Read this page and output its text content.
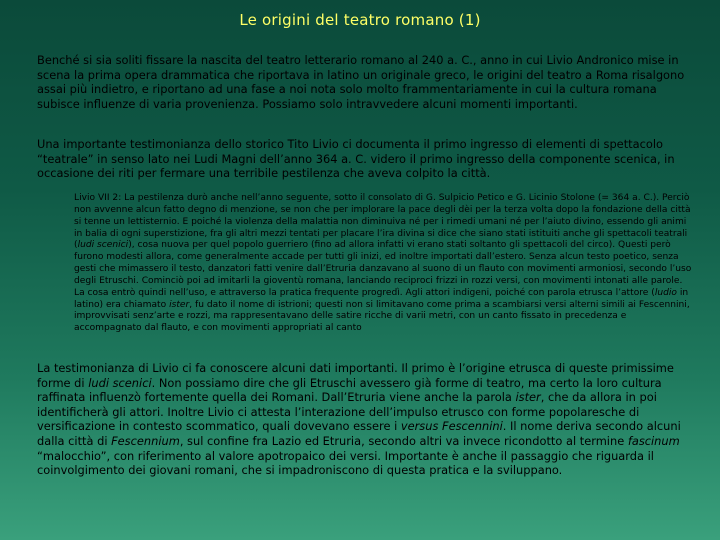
Le origini del teatro romano (1)

Benché si sia soliti fissare la nascita del teatro letterario romano al 240 a. C., anno in cui Livio Andronico mise in scena la prima opera drammatica che riportava in latino un originale greco, le origini del teatro a Roma risalgono assai più indietro, e riportano ad una fase a noi nota solo molto frammentariamente in cui la cultura romana subisce influenze di varia provenienza. Possiamo solo intravvedere alcuni momenti importanti.

Una importante testimonianza dello storico Tito Livio ci documenta il primo ingresso di elementi di spettacolo “teatrale” in senso lato nei Ludi Magni dell’anno 364 a. C. videro il primo ingresso della componente scenica, in occasione dei riti per fermare una terribile pestilenza che aveva colpito la città.

Livio VII 2: La pestilenza durò anche nell’anno seguente, sotto il consolato di G. Sulpicio Petico e G. Licinio Stolone (= 364 a. C.). Perciò non avvenne alcun fatto degno di menzione, se non che per implorare la pace degli dèi per la terza volta dopo la fondazione della città si tenne un lettisternio. E poiché la violenza della malattia non diminuiva né per i rimedi umani né per l’aiuto divino, essendo gli animi in balia di ogni superstizione, fra gli altri mezzi tentati per placare l’ira divina si dice che siano stati istituiti anche gli spettacoli teatrali (ludi scenici), cosa nuova per quel popolo guerriero (fino ad allora infatti vi erano stati soltanto gli spettacoli del circo). Questi però furono modesti allora, come generalmente accade per tutti gli inizi, ed inoltre importati dall’estero. Senza alcun testo poetico, senza gesti che mimassero il testo, danzatori fatti venire dall’Etruria danzavano al suono di un flauto con movimenti armoniosi, secondo l’uso degli Etruschi. Cominciò poi ad imitarli la gioventù romana, lanciando reciproci frizzi in rozzi versi, con movimenti intonati alle parole. La cosa entrò quindi nell’uso, e attraverso la pratica frequente progredì. Agli attori indigeni, poiché con parola etrusca l’attore (ludio in latino) era chiamato ister, fu dato il nome di istrioni; questi non si limitavano come prima a scambiarsi versi alterni simili ai Fescennini, improvvisati senz’arte e rozzi, ma rappresentavano delle satire ricche di varii metri, con un canto fissato in precedenza e accompagnato dal flauto, e con movimenti appropriati al canto

La testimonianza di Livio ci fa conoscere alcuni dati importanti. Il primo è l’origine etrusca di queste primissime forme di ludi scenici. Non possiamo dire che gli Etruschi avessero già forme di teatro, ma certo la loro cultura raffinata influenzò fortemente quella dei Romani. Dall’Etruria viene anche la parola ister, che da allora in poi identificherà gli attori. Inoltre Livio ci attesta l’interazione dell’impulso etrusco con forme popolaresche di versificazione in contesto scommatico, quali dovevano essere i versus Fescennini. Il nome deriva secondo alcuni dalla città di Fescennium, sul confine fra Lazio ed Etruria, secondo altri va invece ricondotto al termine fascinum “malocchio”, con riferimento al valore apotropaico dei versi. Importante è anche il passaggio che riguarda il coinvolgimento dei giovani romani, che si impadroniscono di questa pratica e la sviluppano.
